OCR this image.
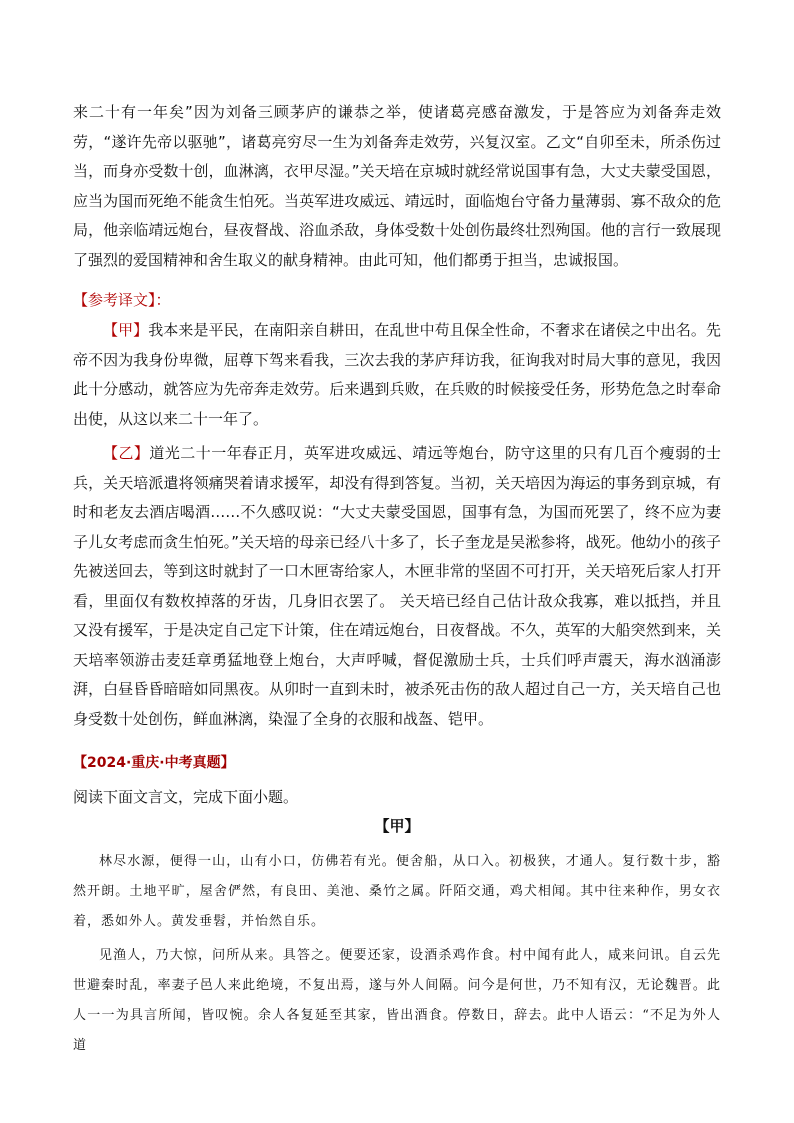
来二十有一年矣”因为刘备三顾茅庐的谦恭之举，使诸葛亮感奋激发，于是答应为刘备奔走效劳，“遂许先帝以驱驰”，诸葛亮穷尽一生为刘备奔走效劳，兴复汉室。乙文“自卯至未，所杀伤过当，而身亦受数十创，血淋漓，衣甲尽湿。”关天培在京城时就经常说国事有急，大丈夫蒙受国恩，应当为国而死绝不能贪生怕死。当英军进攻威远、靖远时，面临炮台守备力量薄弱、寡不敌众的危局，他亲临靖远炮台，昼夜督战、浴血杀敌，身体受数十处创伤最终壮烈殉国。他的言行一致展现了强烈的爱国精神和舍生取义的献身精神。由此可知，他们都勇于担当，忠诚报国。

【参考译文】：

【甲】我本来是平民，在南阳亲自耕田，在乱世中苟且保全性命，不奢求在诸侯之中出名。先帝不因为我身份卑微，屈尊下驾来看我，三次去我的茅庐拜访我，征询我对时局大事的意见，我因此十分感动，就答应为先帝奔走效劳。后来遇到兵败，在兵败的时候接受任务，形势危急之时奉命出使，从这以来二十一年了。

【乙】道光二十一年春正月，英军进攻威远、靖远等炮台，防守这里的只有几百个瘦弱的士兵，关天培派遣将领痛哭着请求援军，却没有得到答复。当初，关天培因为海运的事务到京城，有时和老友去酒店喝酒……不久感叹说：“大丈夫蒙受国恩，国事有急，为国而死罢了，终不应为妻子儿女考虑而贪生怕死。”关天培的母亲已经八十多了，长子奎龙是吴淞参将，战死。他幼小的孩子先被送回去，等到这时就封了一口木匣寄给家人，木匣非常的坚固不可打开，关天培死后家人打开看，里面仅有数枚掉落的牙齿，几身旧衣罢了。 关天培已经自己估计敌众我寡，难以抵挡，并且又没有援军，于是决定自己定下计策，住在靖远炮台，日夜督战。不久，英军的大船突然到来，关天培率领游击麦廷章勇猛地登上炮台，大声呼喊，督促激励士兵，士兵们呼声震天，海水汹涌澎湃，白昼昏昏暗暗如同黑夜。从卯时一直到未时，被杀死击伤的敌人超过自己一方，关天培自己也身受数十处创伤，鲜血淋漓，染湿了全身的衣服和战盔、铠甲。

【2024·重庆·中考真题】

阅读下面文言文，完成下面小题。

【甲】

林尽水源，便得一山，山有小口，仿佛若有光。便舍船，从口入。初极狭，才通人。复行数十步，豁然开朗。土地平旷，屋舍俨然，有良田、美池、桑竹之属。阡陌交通，鸡犬相闻。其中往来种作，男女衣着，悉如外人。黄发垂髫，并怡然自乐。

见渔人，乃大惊，问所从来。具答之。便要还家，设酒杀鸡作食。村中闻有此人，咸来问讯。自云先世避秦时乱，率妻子邑人来此绝境，不复出焉，遂与外人间隔。问今是何世，乃不知有汉，无论魏晋。此人一一为具言所闻，皆叹惋。余人各复延至其家，皆出酒食。停数日，辞去。此中人语云：“不足为外人道
